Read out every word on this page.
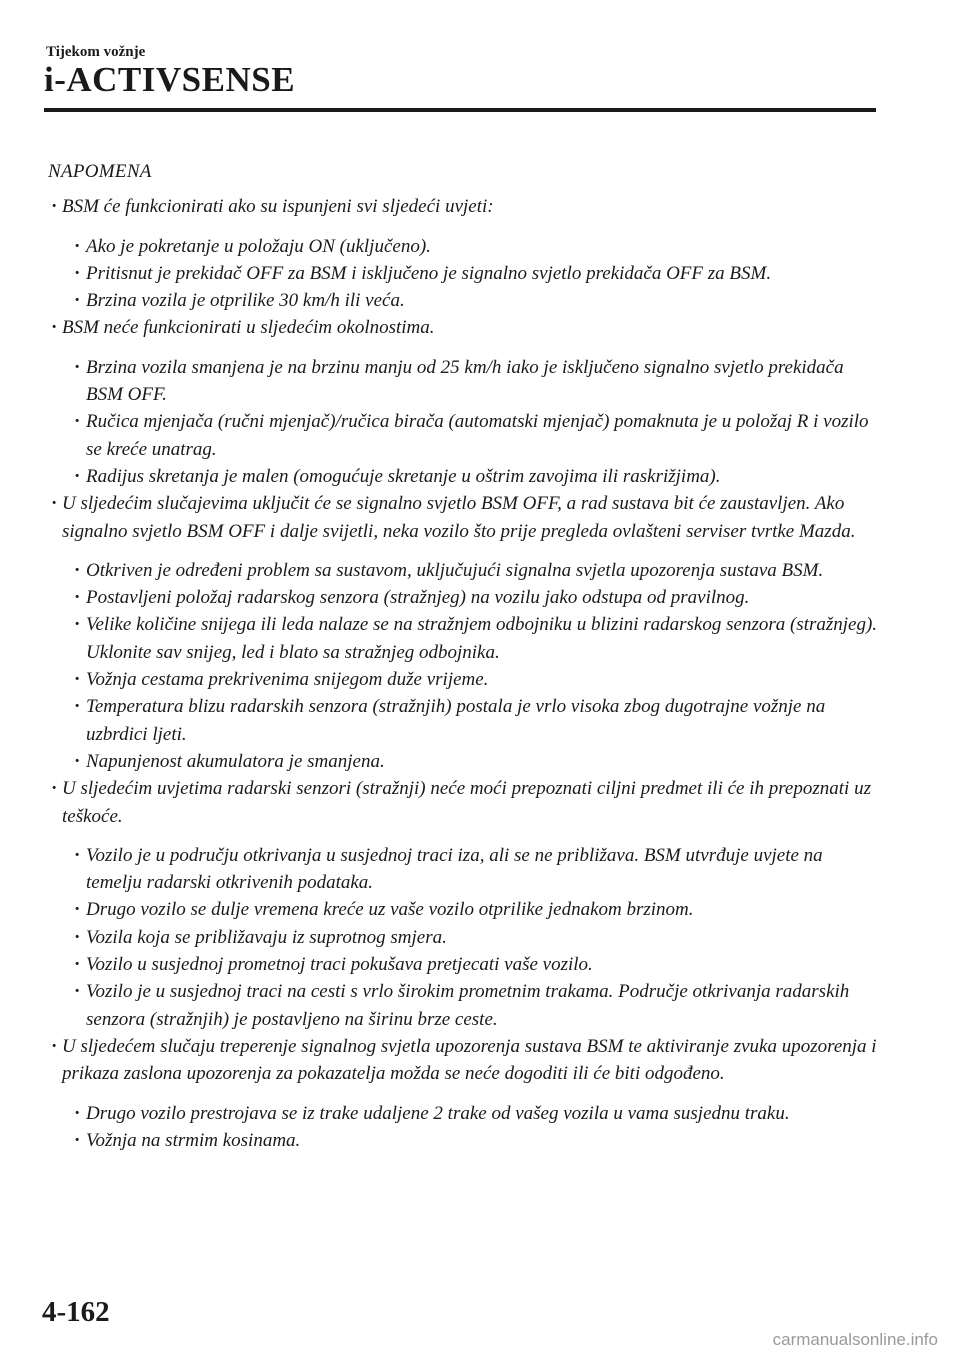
Tijekom vožnje
i-ACTIVSENSE
NAPOMENA
· BSM će funkcionirati ako su ispunjeni svi sljedeći uvjeti:
· Ako je pokretanje u položaju ON (uključeno).
· Pritisnut je prekidač OFF za BSM i isključeno je signalno svjetlo prekidača OFF za BSM.
· Brzina vozila je otprilike 30 km/h ili veća.
· BSM neće funkcionirati u sljedećim okolnostima.
· Brzina vozila smanjena je na brzinu manju od 25 km/h iako je isključeno signalno svjetlo prekidača BSM OFF.
· Ručica mjenjača (ručni mjenjač)/ručica birača (automatski mjenjač) pomaknuta je u položaj R i vozilo se kreće unatrag.
· Radijus skretanja je malen (omogućuje skretanje u oštrim zavojima ili raskrižjima).
· U sljedećim slučajevima uključit će se signalno svjetlo BSM OFF, a rad sustava bit će zaustavljen. Ako signalno svjetlo BSM OFF i dalje svijetli, neka vozilo što prije pregleda ovlašteni serviser tvrtke Mazda.
· Otkriven je određeni problem sa sustavom, uključujući signalna svjetla upozorenja sustava BSM.
· Postavljeni položaj radarskog senzora (stražnjeg) na vozilu jako odstupa od pravilnog.
· Velike količine snijega ili leda nalaze se na stražnjem odbojniku u blizini radarskog senzora (stražnjeg). Uklonite sav snijeg, led i blato sa stražnjeg odbojnika.
· Vožnja cestama prekrivenima snijegom duže vrijeme.
· Temperatura blizu radarskih senzora (stražnjih) postala je vrlo visoka zbog dugotrajne vožnje na uzbrdici ljeti.
· Napunjenost akumulatora je smanjena.
· U sljedećim uvjetima radarski senzori (stražnji) neće moći prepoznati ciljni predmet ili će ih prepoznati uz teškoće.
· Vozilo je u području otkrivanja u susjednoj traci iza, ali se ne približava. BSM utvrđuje uvjete na temelju radarski otkrivenih podataka.
· Drugo vozilo se dulje vremena kreće uz vaše vozilo otprilike jednakom brzinom.
· Vozila koja se približavaju iz suprotnog smjera.
· Vozilo u susjednoj prometnoj traci pokušava pretjecati vaše vozilo.
· Vozilo je u susjednoj traci na cesti s vrlo širokim prometnim trakama. Područje otkrivanja radarskih senzora (stražnjih) je postavljeno na širinu brze ceste.
· U sljedećem slučaju treperenje signalnog svjetla upozorenja sustava BSM te aktiviranje zvuka upozorenja i prikaza zaslona upozorenja za pokazatelja možda se neće dogoditi ili će biti odgođeno.
· Drugo vozilo prestrojava se iz trake udaljene 2 trake od vašeg vozila u vama susjednu traku.
· Vožnja na strmim kosinama.
4-162
carmanualsonline.info
